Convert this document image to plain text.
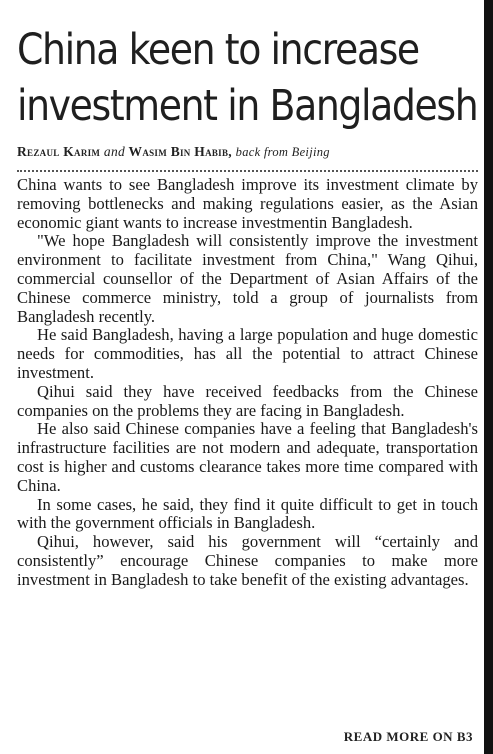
China keen to increase
investment in Bangladesh
Rezaul Karim and Wasim Bin Habib, back from Beijing

China wants to see Bangladesh improve its investment climate by removing bottlenecks and making regulations easier, as the Asian economic giant wants to increase investmentin Bangladesh.

"We hope Bangladesh will consistently improve the investment environment to facilitate investment from China," Wang Qihui, commercial counsellor of the Department of Asian Affairs of the Chinese commerce ministry, told a group of journalists from Bangladesh recently.

He said Bangladesh, having a large population and huge domestic needs for commodities, has all the potential to attract Chinese investment.

Qihui said they have received feedbacks from the Chinese companies on the problems they are facing in Bangladesh.

He also said Chinese companies have a feeling that Bangladesh's infrastructure facilities are not modern and adequate, transportation cost is higher and customs clearance takes more time compared with China.

In some cases, he said, they find it quite difficult to get in touch with the government officials in Bangladesh.

Qihui, however, said his government will “certainly and consistently” encourage Chinese companies to make more investment in Bangladesh to take benefit of the existing advantages.

READ MORE ON B3
